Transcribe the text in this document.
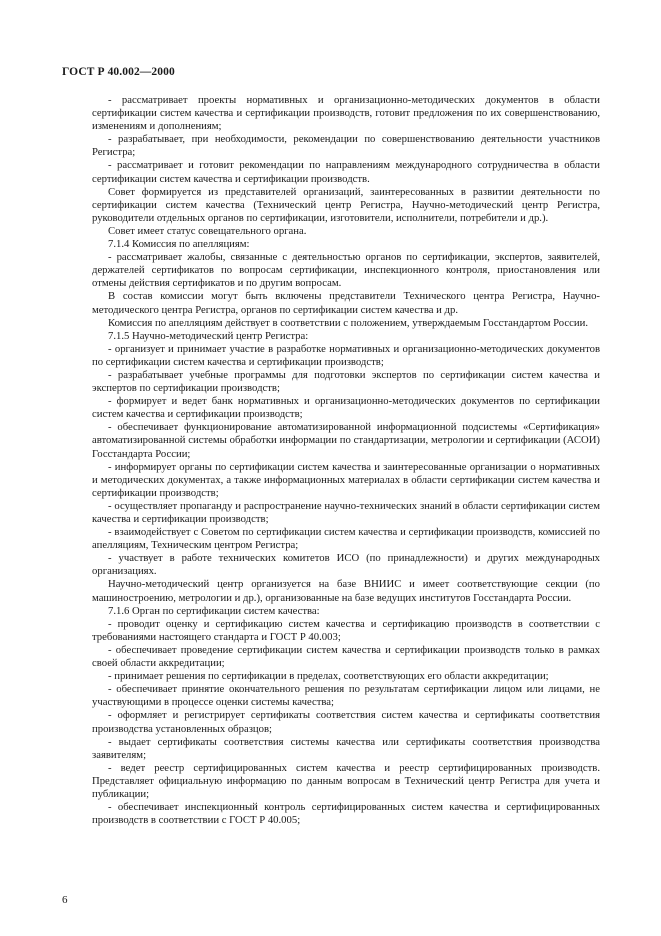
ГОСТ Р 40.002—2000

- рассматривает проекты нормативных и организационно-методических документов в области сертификации систем качества и сертификации производств, готовит предложения по их совершенствованию, изменениям и дополнениям;

- разрабатывает, при необходимости, рекомендации по совершенствованию деятельности участников Регистра;

- рассматривает и готовит рекомендации по направлениям международного сотрудничества в области сертификации систем качества и сертификации производств.

Совет формируется из представителей организаций, заинтересованных в развитии деятельности по сертификации систем качества (Технический центр Регистра, Научно-методический центр Регистра, руководители отдельных органов по сертификации, изготовители, исполнители, потребители и др.).

Совет имеет статус совещательного органа.

7.1.4 Комиссия по апелляциям:

- рассматривает жалобы, связанные с деятельностью органов по сертификации, экспертов, заявителей, держателей сертификатов по вопросам сертификации, инспекционного контроля, приостановления или отмены действия сертификатов и по другим вопросам.

В состав комиссии могут быть включены представители Технического центра Регистра, Научно-методического центра Регистра, органов по сертификации систем качества и др.

Комиссия по апелляциям действует в соответствии с положением, утверждаемым Госстандартом России.

7.1.5 Научно-методический центр Регистра:

- организует и принимает участие в разработке нормативных и организационно-методических документов по сертификации систем качества и сертификации производств;

- разрабатывает учебные программы для подготовки экспертов по сертификации систем качества и экспертов по сертификации производств;

- формирует и ведет банк нормативных и организационно-методических документов по сертификации систем качества и сертификации производств;

- обеспечивает функционирование автоматизированной информационной подсистемы «Сертификация» автоматизированной системы обработки информации по стандартизации, метрологии и сертификации (АСОИ) Госстандарта России;

- информирует органы по сертификации систем качества и заинтересованные организации о нормативных и методических документах, а также информационных материалах в области сертификации систем качества и сертификации производств;

- осуществляет пропаганду и распространение научно-технических знаний в области сертификации систем качества и сертификации производств;

- взаимодействует с Советом по сертификации систем качества и сертификации производств, комиссией по апелляциям, Техническим центром Регистра;

- участвует в работе технических комитетов ИСО (по принадлежности) и других международных организациях.

Научно-методический центр организуется на базе ВНИИС и имеет соответствующие секции (по машиностроению, метрологии и др.), организованные на базе ведущих институтов Госстандарта России.

7.1.6 Орган по сертификации систем качества:

- проводит оценку и сертификацию систем качества и сертификацию производств в соответствии с требованиями настоящего стандарта и ГОСТ Р 40.003;

- обеспечивает проведение сертификации систем качества и сертификации производств только в рамках своей области аккредитации;

- принимает решения по сертификации в пределах, соответствующих его области аккредитации;

- обеспечивает принятие окончательного решения по результатам сертификации лицом или лицами, не участвующими в процессе оценки системы качества;

- оформляет и регистрирует сертификаты соответствия систем качества и сертификаты соответствия производства установленных образцов;

- выдает сертификаты соответствия системы качества или сертификаты соответствия производства заявителям;

- ведет реестр сертифицированных систем качества и реестр сертифицированных производств. Представляет официальную информацию по данным вопросам в Технический центр Регистра для учета и публикации;

- обеспечивает инспекционный контроль сертифицированных систем качества и сертифицированных производств в соответствии с ГОСТ Р 40.005;

6
